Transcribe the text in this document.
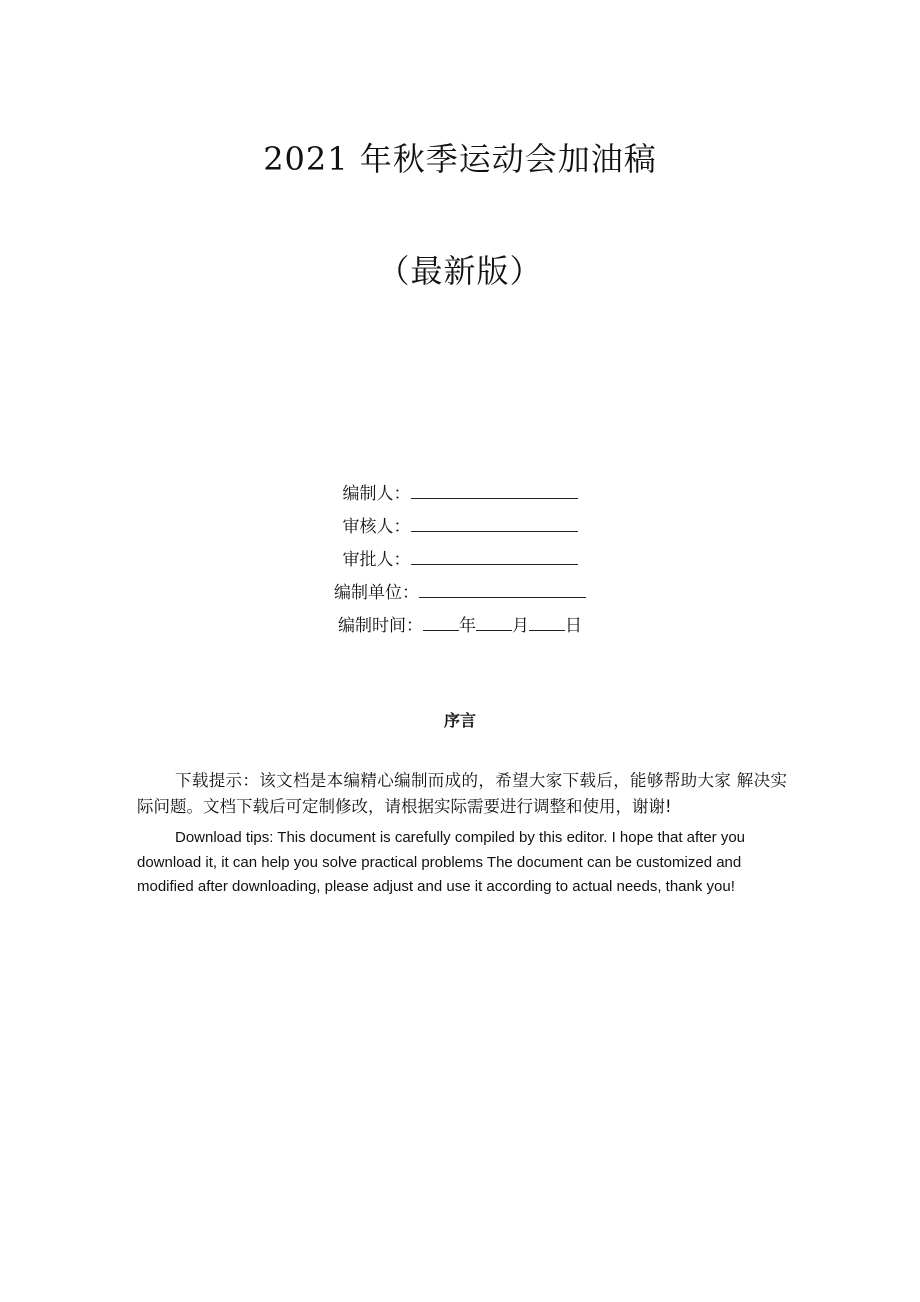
2021 年秋季运动会加油稿
（最新版）
编制人：
审核人：
审批人：
编制单位：
编制时间： 年 月 日
序言
下载提示：该文档是本编精心编制而成的，希望大家下载后，能够帮助大家 解决实际问题。文档下载后可定制修改，请根据实际需要进行调整和使用，谢谢!
Download tips: This document is carefully compiled by this editor. I hope that after you download it, it can help you solve practical problems The document can be customized and modified after downloading, please adjust and use it according to actual needs, thank you!
